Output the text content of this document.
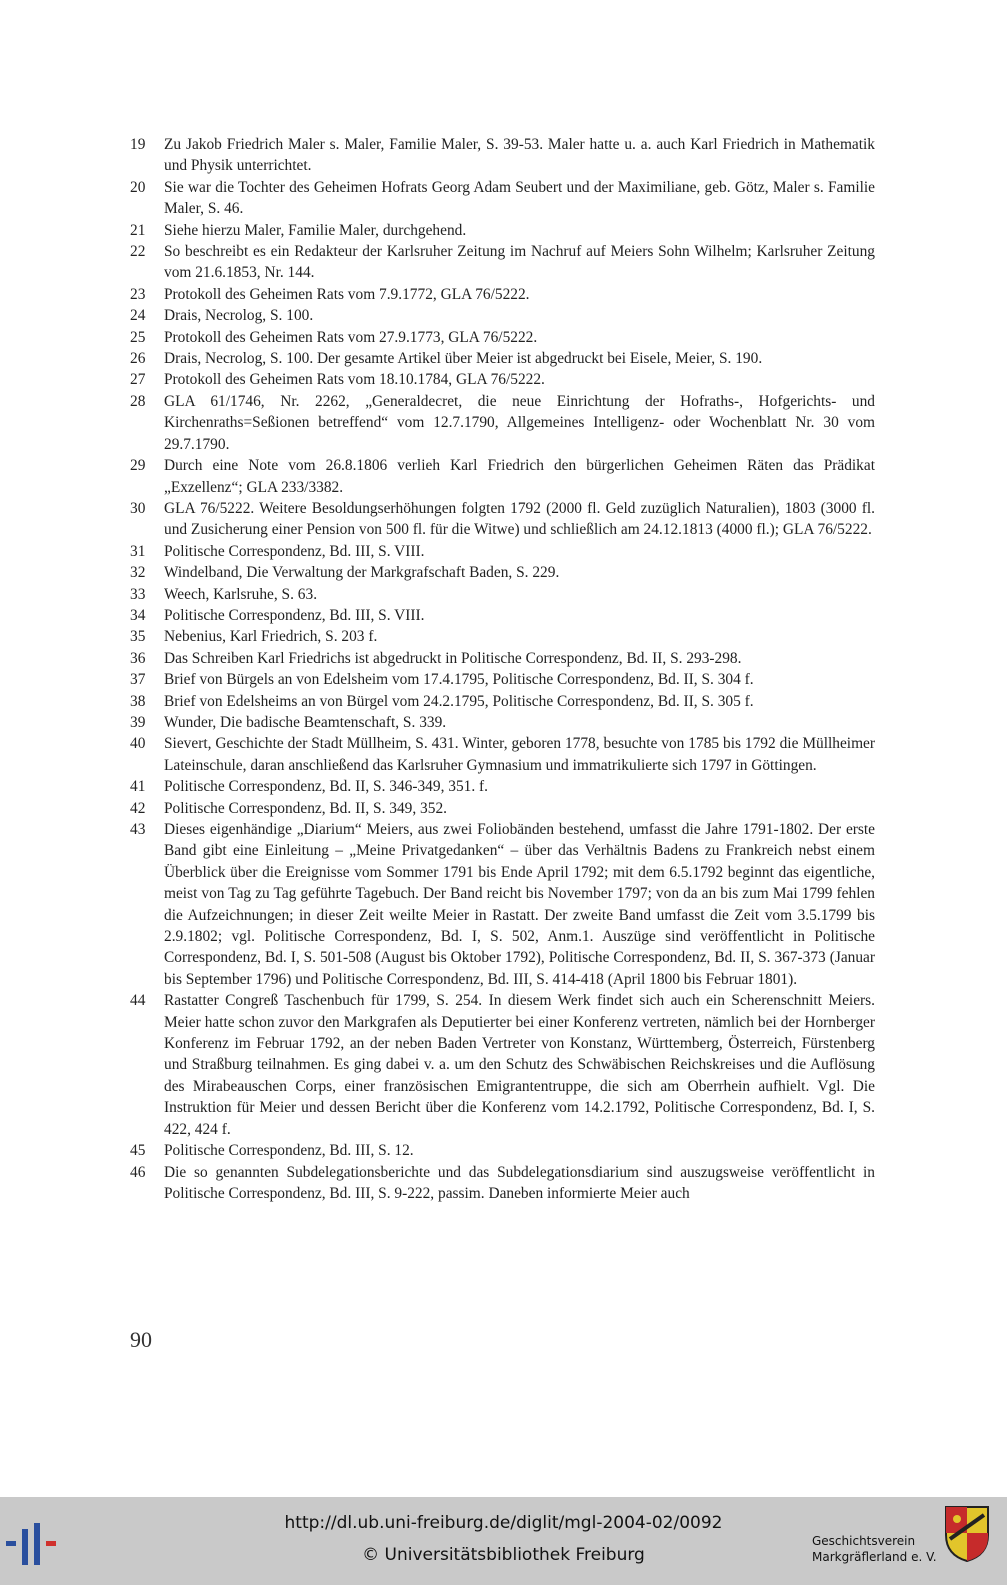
19	Zu Jakob Friedrich Maler s. Maler, Familie Maler, S. 39-53. Maler hatte u. a. auch Karl Friedrich in Mathematik und Physik unterrichtet.
20	Sie war die Tochter des Geheimen Hofrats Georg Adam Seubert und der Maximiliane, geb. Götz, Maler s. Familie Maler, S. 46.
21	Siehe hierzu Maler, Familie Maler, durchgehend.
22	So beschreibt es ein Redakteur der Karlsruher Zeitung im Nachruf auf Meiers Sohn Wilhelm; Karlsruher Zeitung vom 21.6.1853, Nr. 144.
23	Protokoll des Geheimen Rats vom 7.9.1772, GLA 76/5222.
24	Drais, Necrolog, S. 100.
25	Protokoll des Geheimen Rats vom 27.9.1773, GLA 76/5222.
26	Drais, Necrolog, S. 100. Der gesamte Artikel über Meier ist abgedruckt bei Eisele, Meier, S. 190.
27	Protokoll des Geheimen Rats vom 18.10.1784, GLA 76/5222.
28	GLA 61/1746, Nr. 2262, „Generaldecret, die neue Einrichtung der Hofraths-, Hofgerichts- und Kirchenraths=Seßionen betreffend“ vom 12.7.1790, Allgemeines Intelligenz- oder Wochenblatt Nr. 30 vom 29.7.1790.
29	Durch eine Note vom 26.8.1806 verlieh Karl Friedrich den bürgerlichen Geheimen Räten das Prädikat „Exzellenz“; GLA 233/3382.
30	GLA 76/5222. Weitere Besoldungserhöhungen folgten 1792 (2000 fl. Geld zuzüglich Naturalien), 1803 (3000 fl. und Zusicherung einer Pension von 500 fl. für die Witwe) und schließlich am 24.12.1813 (4000 fl.); GLA 76/5222.
31	Politische Correspondenz, Bd. III, S. VIII.
32	Windelband, Die Verwaltung der Markgrafschaft Baden, S. 229.
33	Weech, Karlsruhe, S. 63.
34	Politische Correspondenz, Bd. III, S. VIII.
35	Nebenius, Karl Friedrich, S. 203 f.
36	Das Schreiben Karl Friedrichs ist abgedruckt in Politische Correspondenz, Bd. II, S. 293-298.
37	Brief von Bürgels an von Edelsheim vom 17.4.1795, Politische Correspondenz, Bd. II, S. 304 f.
38	Brief von Edelsheims an von Bürgel vom 24.2.1795, Politische Correspondenz, Bd. II, S. 305 f.
39	Wunder, Die badische Beamtenschaft, S. 339.
40	Sievert, Geschichte der Stadt Müllheim, S. 431. Winter, geboren 1778, besuchte von 1785 bis 1792 die Müllheimer Lateinschule, daran anschließend das Karlsruher Gymnasium und immatrikulierte sich 1797 in Göttingen.
41	Politische Correspondenz, Bd. II, S. 346-349, 351. f.
42	Politische Correspondenz, Bd. II, S. 349, 352.
43	Dieses eigenhändige „Diarium“ Meiers, aus zwei Foliobänden bestehend, umfasst die Jahre 1791-1802. Der erste Band gibt eine Einleitung – „Meine Privatgedanken“ – über das Verhältnis Badens zu Frankreich nebst einem Überblick über die Ereignisse vom Sommer 1791 bis Ende April 1792; mit dem 6.5.1792 beginnt das eigentliche, meist von Tag zu Tag geführte Tagebuch. Der Band reicht bis November 1797; von da an bis zum Mai 1799 fehlen die Aufzeichnungen; in dieser Zeit weilte Meier in Rastatt. Der zweite Band umfasst die Zeit vom 3.5.1799 bis 2.9.1802; vgl. Politische Correspondenz, Bd. I, S. 502, Anm.1. Auszüge sind veröffentlicht in Politische Correspondenz, Bd. I, S. 501-508 (August bis Oktober 1792), Politische Correspondenz, Bd. II, S. 367-373 (Januar bis September 1796) und Politische Correspondenz, Bd. III, S. 414-418 (April 1800 bis Februar 1801).
44	Rastatter Congreß Taschenbuch für 1799, S. 254. In diesem Werk findet sich auch ein Scherenschnitt Meiers. Meier hatte schon zuvor den Markgrafen als Deputierter bei einer Konferenz vertreten, nämlich bei der Hornberger Konferenz im Februar 1792, an der neben Baden Vertreter von Konstanz, Württemberg, Österreich, Fürstenberg und Straßburg teilnahmen. Es ging dabei v. a. um den Schutz des Schwäbischen Reichskreises und die Auflösung des Mirabeauschen Corps, einer französischen Emigrantentruppe, die sich am Oberrhein aufhielt. Vgl. Die Instruktion für Meier und dessen Bericht über die Konferenz vom 14.2.1792, Politische Correspondenz, Bd. I, S. 422, 424 f.
45	Politische Correspondenz, Bd. III, S. 12.
46	Die so genannten Subdelegationsberichte und das Subdelegationsdiarium sind auszugsweise veröffentlicht in Politische Correspondenz, Bd. III, S. 9-222, passim. Daneben informierte Meier auch
90
http://dl.ub.uni-freiburg.de/diglit/mgl-2004-02/0092
© Universitätsbibliothek Freiburg
Geschichtsverein
Markgräflerland e. V.
